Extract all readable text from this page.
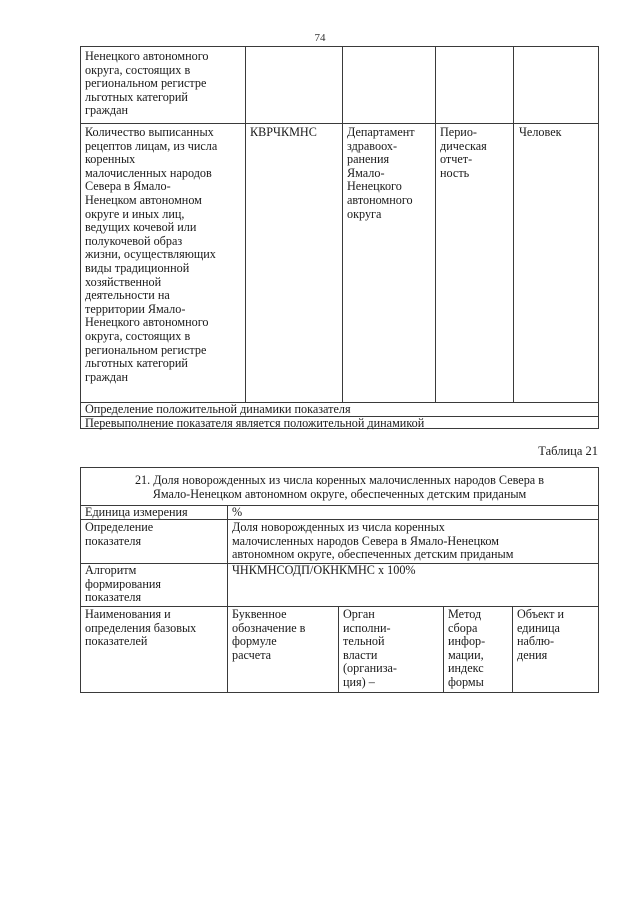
74
Ненецкого автономного
округа, состоящих в
региональном регистре
льготных категорий
граждан
Количество выписанных
рецептов лицам, из числа
коренных
малочисленных народов
Севера в Ямало-
Ненецком автономном
округе и иных лиц,
ведущих кочевой или
полукочевой образ
жизни, осуществляющих
виды традиционной
хозяйственной
деятельности на
территории Ямало-
Ненецкого автономного
округа, состоящих в
региональном регистре
льготных категорий
граждан
КВРЧКМНС	Департамент
здравоох-
ранения
Ямало-
Ненецкого
автономного
округа
Перио-
дическая
отчет-
ность
Человек
Определение положительной динамики показателя
Перевыполнение показателя является положительной динамикой
Таблица 21
21. Доля новорожденных из числа коренных малочисленных народов Севера в
Ямало-Ненецком автономном округе, обеспеченных детским приданым
Единица измерения	%
Определение
показателя
Доля новорожденных из числа коренных
малочисленных народов Севера в Ямало-Ненецком
автономном округе, обеспеченных детским приданым
Алгоритм
формирования
показателя
ЧНКМНСОДП/ОКНКМНС х 100%
Наименования и
определения базовых
показателей
Буквенное
обозначение в
формуле
расчета
Орган
исполни-
тельной
власти
(организа-
ция) –
Метод
сбора
инфор-
мации,
индекс
формы
Объект и
единица
наблю-
дения
